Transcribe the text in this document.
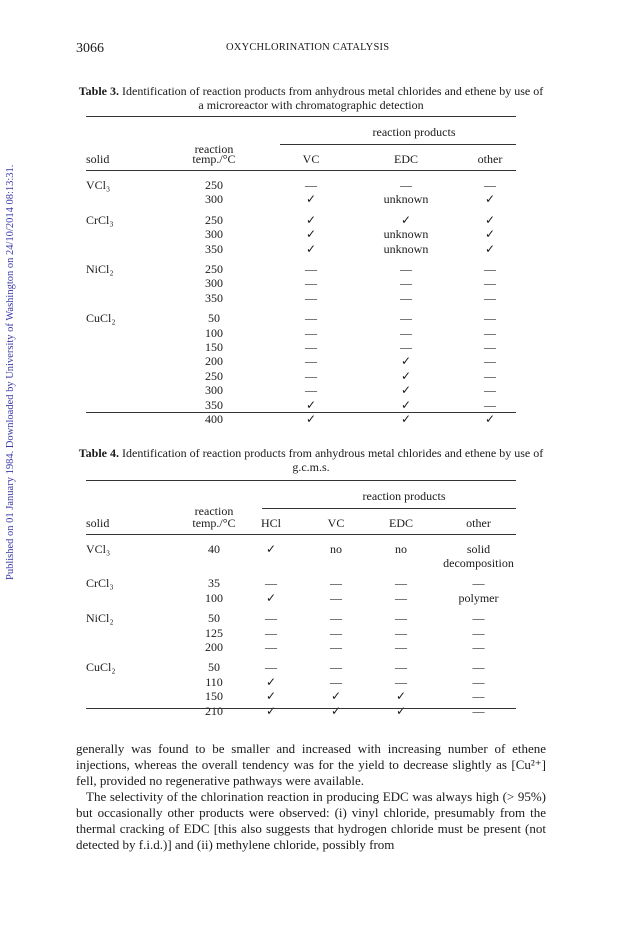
Published on 01 January 1984. Downloaded by University of Washington on 24/10/2014 08:13:31.
3066	OXYCHLORINATION CATALYSIS
Table 3. Identification of reaction products from anhydrous metal chlorides and ethene by use of a microreactor with chromatographic detection
reaction products
reaction
solid	temp./°C	VC	EDC	other
VCl₃	250	—	—	—
300	✓	unknown	✓
CrCl₃	250	✓	✓	✓
300	✓	unknown	✓
350	✓	unknown	✓
NiCl₂	250	—	—	—
300	—	—	—
350	—	—	—
CuCl₂	50	—	—	—
100	—	—	—
150	—	—	—
200	—	✓	—
250	—	✓	—
300	—	✓	—
350	✓	✓	—
400	✓	✓	✓
Table 4. Identification of reaction products from anhydrous metal chlorides and ethene by use of g.c.m.s.
reaction products
reaction
solid	temp./°C	HCl	VC	EDC	other
VCl₃	40	✓	no	no	solid
decomposition
CrCl₃	35	—	—	—	—
100	✓	—	—	polymer
NiCl₂	50	—	—	—	—
125	—	—	—	—
200	—	—	—	—
CuCl₂	50	—	—	—	—
110	✓	—	—	—
150	✓	✓	✓	—
210	✓	✓	✓	—

generally was found to be smaller and increased with increasing number of ethene injections, whereas the overall tendency was for the yield to decrease slightly as [Cu²⁺] fell, provided no regenerative pathways were available.

The selectivity of the chlorination reaction in producing EDC was always high (> 95%) but occasionally other products were observed: (i) vinyl chloride, presumably from the thermal cracking of EDC [this also suggests that hydrogen chloride must be present (not detected by f.i.d.)] and (ii) methylene chloride, possibly from
